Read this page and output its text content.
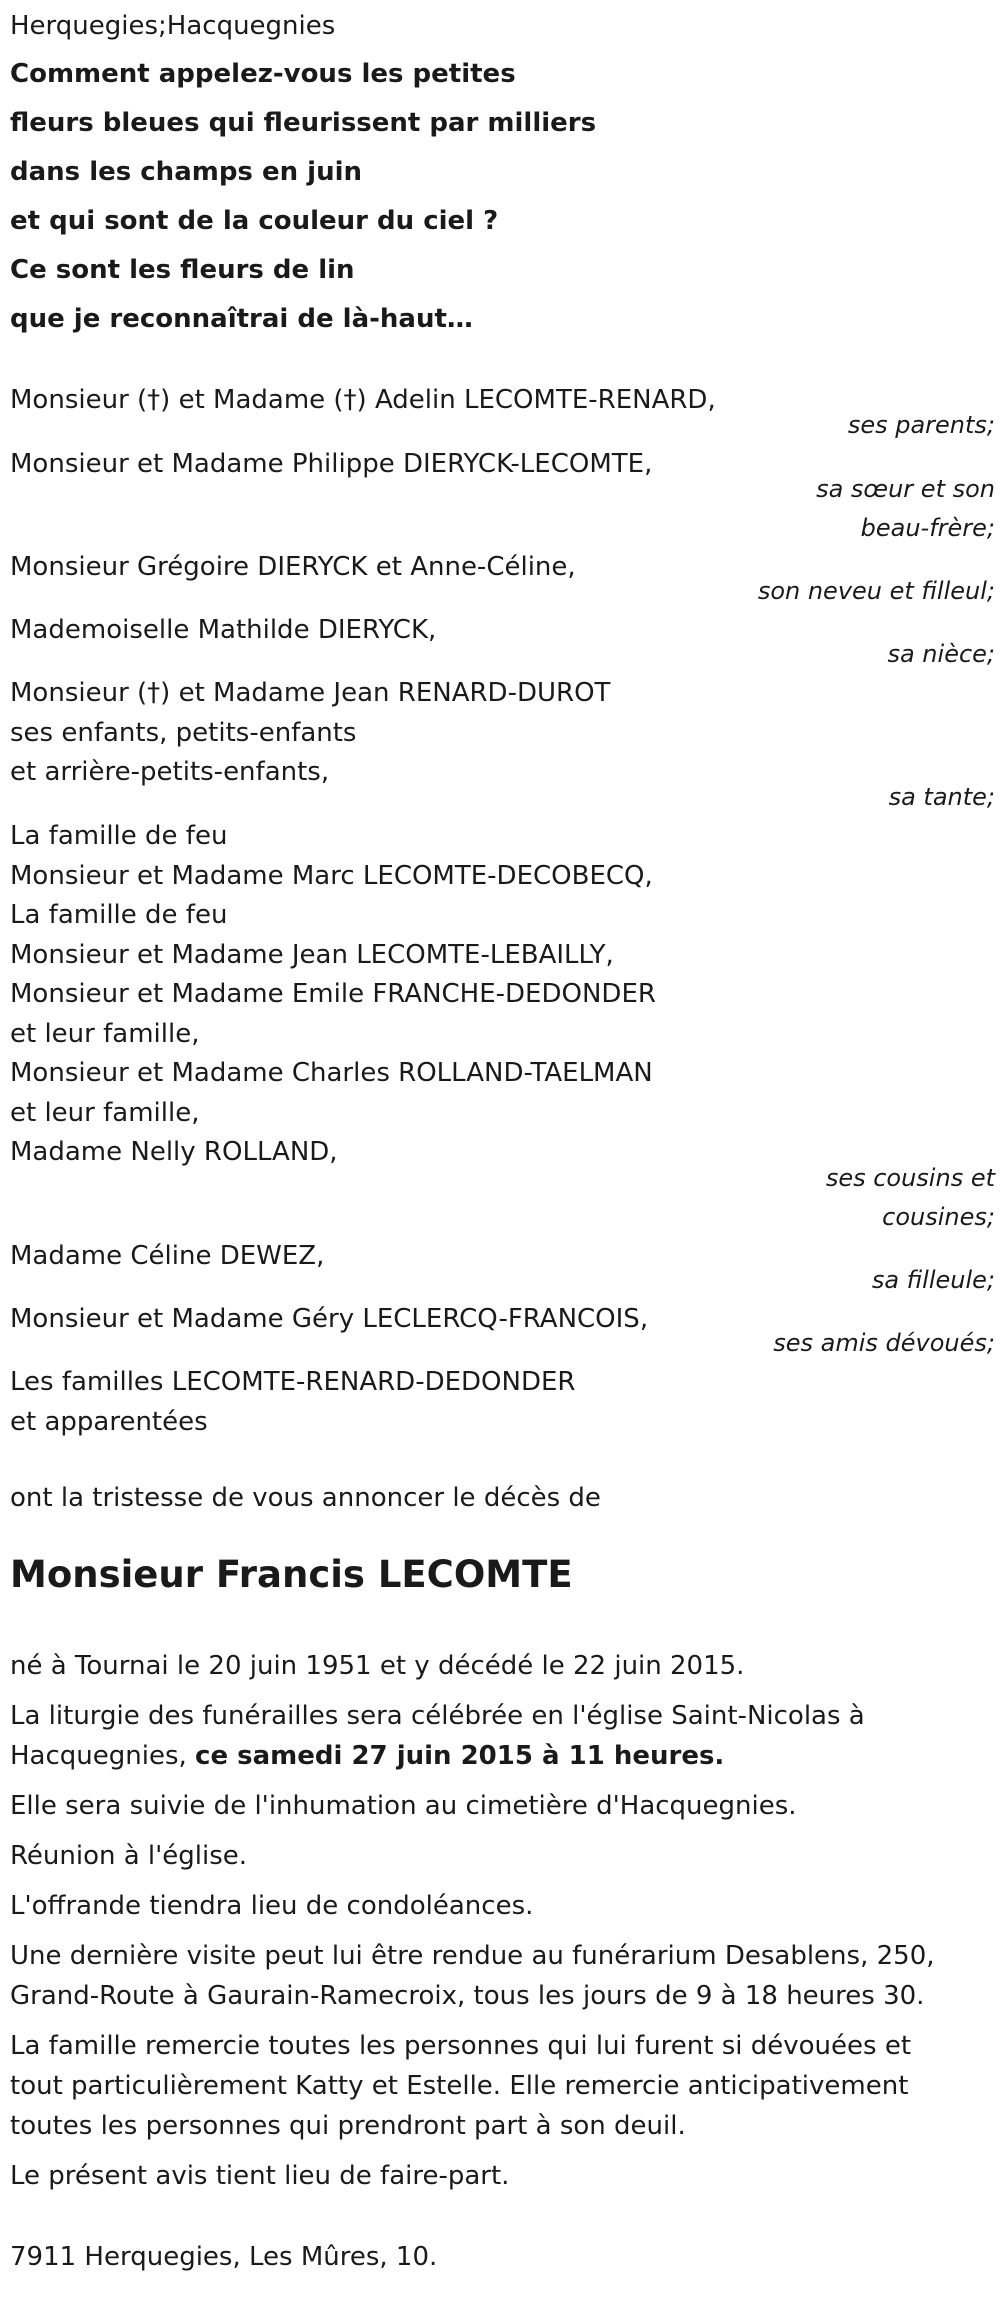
Herquegies;Hacquegnies

Comment appelez-vous les petites

fleurs bleues qui fleurissent par milliers

dans les champs en juin

et qui sont de la couleur du ciel ?

Ce sont les fleurs de lin

que je reconnaîtrai de là-haut…

Monsieur (†) et Madame (†) Adelin LECOMTE-RENARD,

ses parents;

Monsieur et Madame Philippe DIERYCK-LECOMTE,

sa sœur et son

beau-frère;

Monsieur Grégoire DIERYCK et Anne-Céline,

son neveu et filleul;

Mademoiselle Mathilde DIERYCK,

sa nièce;

Monsieur (†) et Madame Jean RENARD-DUROT

ses enfants, petits-enfants

et arrière-petits-enfants,

sa tante;

La famille de feu

Monsieur et Madame Marc LECOMTE-DECOBECQ,

La famille de feu

Monsieur et Madame Jean LECOMTE-LEBAILLY,

Monsieur et Madame Emile FRANCHE-DEDONDER

et leur famille,

Monsieur et Madame Charles ROLLAND-TAELMAN

et leur famille,

Madame Nelly ROLLAND,

ses cousins et

cousines;

Madame Céline DEWEZ,

sa filleule;

Monsieur et Madame Géry LECLERCQ-FRANCOIS,

ses amis dévoués;

Les familles LECOMTE-RENARD-DEDONDER

et apparentées

ont la tristesse de vous annoncer le décès de

Monsieur Francis LECOMTE

né à Tournai le 20 juin 1951 et y décédé le 22 juin 2015.

La liturgie des funérailles sera célébrée en l'église Saint-Nicolas à

Hacquegnies, ce samedi 27 juin 2015 à 11 heures.

Elle sera suivie de l'inhumation au cimetière d'Hacquegnies.

Réunion à l'église.

L'offrande tiendra lieu de condoléances.

Une dernière visite peut lui être rendue au funérarium Desablens, 250,

Grand-Route à Gaurain-Ramecroix, tous les jours de 9 à 18 heures 30.

La famille remercie toutes les personnes qui lui furent si dévouées et

tout particulièrement Katty et Estelle. Elle remercie anticipativement

toutes les personnes qui prendront part à son deuil.

Le présent avis tient lieu de faire-part.

7911 Herquegies, Les Mûres, 10.
